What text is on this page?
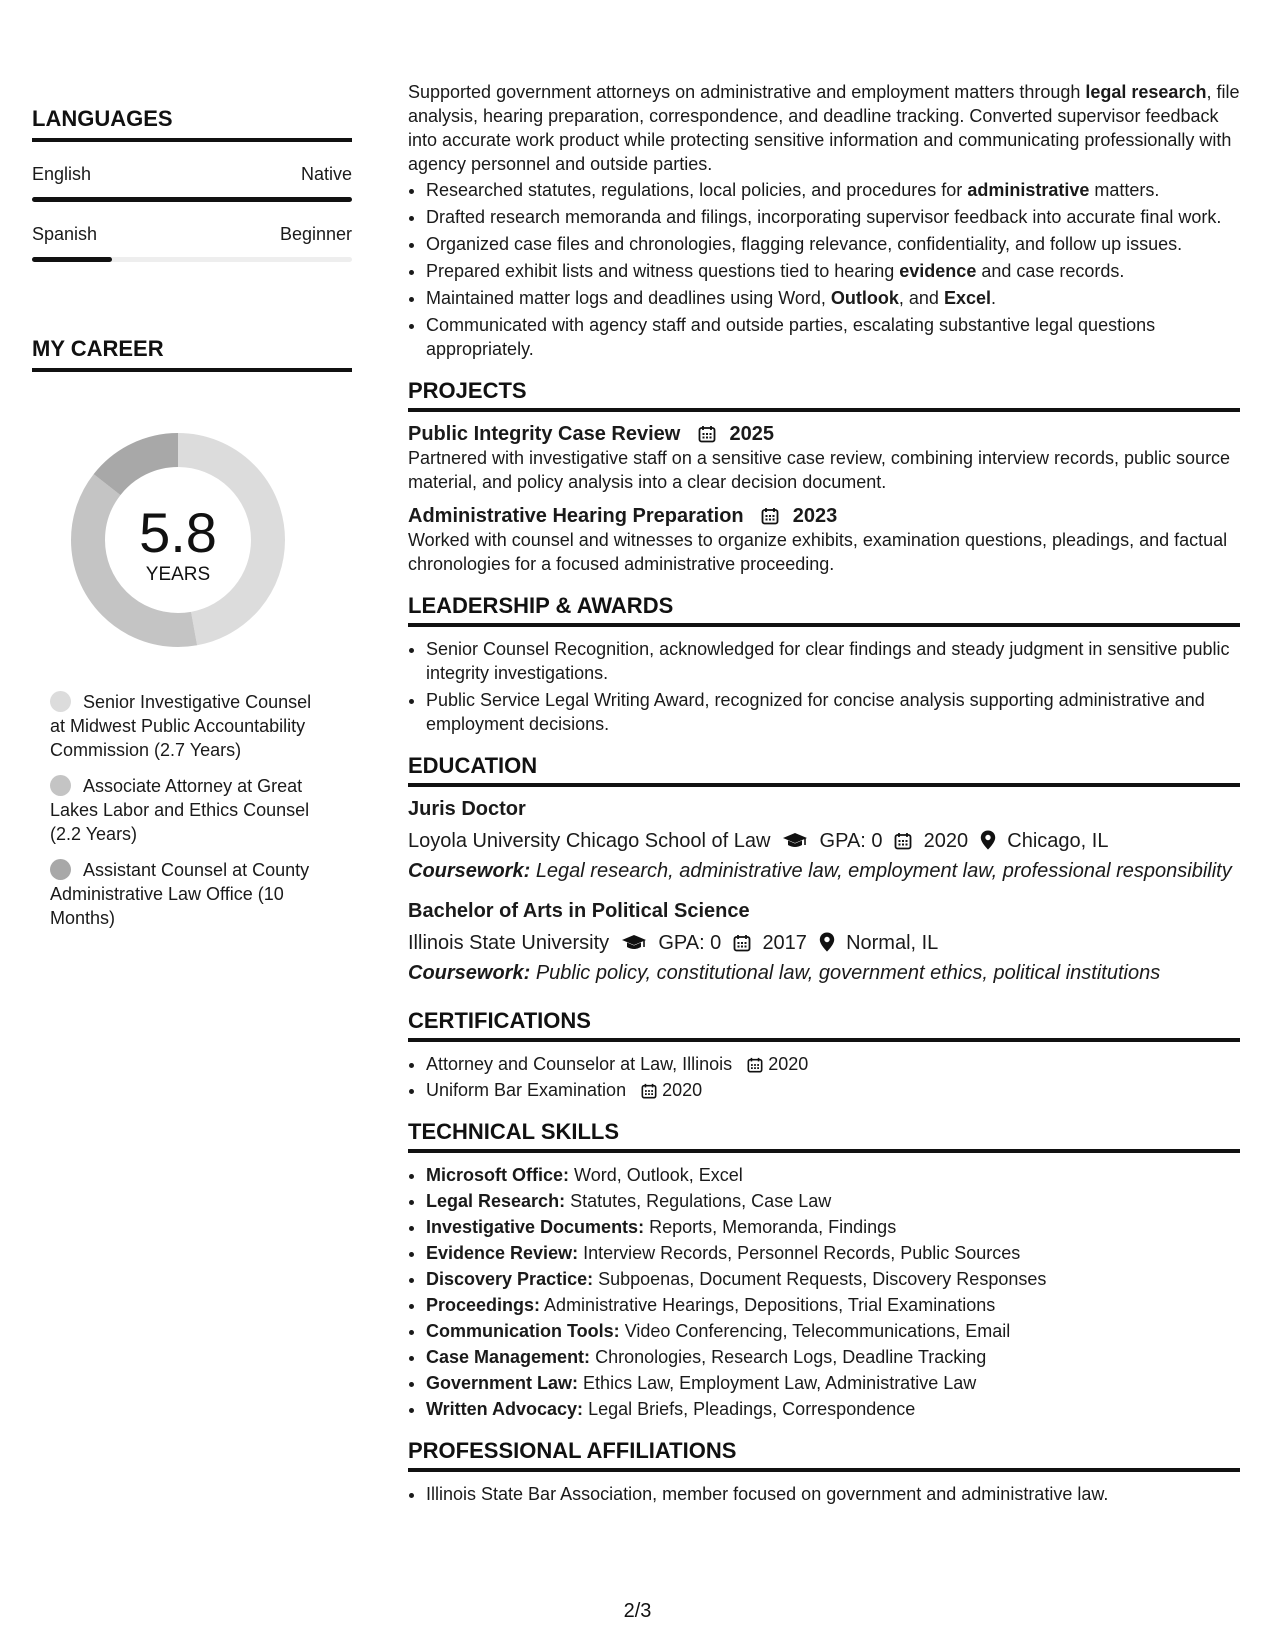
LANGUAGES
English	Native
Spanish	Beginner
MY CAREER
5.8
YEARS
Senior Investigative Counsel at Midwest Public Accountability Commission (2.7 Years)
Associate Attorney at Great Lakes Labor and Ethics Counsel (2.2 Years)
Assistant Counsel at County Administrative Law Office (10 Months)

Supported government attorneys on administrative and employment matters through legal research, file analysis, hearing preparation, correspondence, and deadline tracking. Converted supervisor feedback into accurate work product while protecting sensitive information and communicating professionally with agency personnel and outside parties.

• Researched statutes, regulations, local policies, and procedures for administrative matters.
• Drafted research memoranda and filings, incorporating supervisor feedback into accurate final work.
• Organized case files and chronologies, flagging relevance, confidentiality, and follow up issues.
• Prepared exhibit lists and witness questions tied to hearing evidence and case records.
• Maintained matter logs and deadlines using Word, Outlook, and Excel.
• Communicated with agency staff and outside parties, escalating substantive legal questions appropriately.
PROJECTS
Public Integrity Case Review 2025

Partnered with investigative staff on a sensitive case review, combining interview records, public source material, and policy analysis into a clear decision document.

Administrative Hearing Preparation 2023

Worked with counsel and witnesses to organize exhibits, examination questions, pleadings, and factual chronologies for a focused administrative proceeding.

LEADERSHIP & AWARDS
• Senior Counsel Recognition, acknowledged for clear findings and steady judgment in sensitive public integrity investigations.
• Public Service Legal Writing Award, recognized for concise analysis supporting administrative and employment decisions.
EDUCATION
Juris Doctor
Loyola University Chicago School of Law GPA: 0 2020 Chicago, IL
Coursework: Legal research, administrative law, employment law, professional responsibility
Bachelor of Arts in Political Science
Illinois State University GPA: 0 2017 Normal, IL
Coursework: Public policy, constitutional law, government ethics, political institutions
CERTIFICATIONS
• Attorney and Counselor at Law, Illinois 2020
• Uniform Bar Examination 2020
TECHNICAL SKILLS
• Microsoft Office: Word, Outlook, Excel
• Legal Research: Statutes, Regulations, Case Law
• Investigative Documents: Reports, Memoranda, Findings
• Evidence Review: Interview Records, Personnel Records, Public Sources
• Discovery Practice: Subpoenas, Document Requests, Discovery Responses
• Proceedings: Administrative Hearings, Depositions, Trial Examinations
• Communication Tools: Video Conferencing, Telecommunications, Email
• Case Management: Chronologies, Research Logs, Deadline Tracking
• Government Law: Ethics Law, Employment Law, Administrative Law
• Written Advocacy: Legal Briefs, Pleadings, Correspondence
PROFESSIONAL AFFILIATIONS
• Illinois State Bar Association, member focused on government and administrative law.
2/3
